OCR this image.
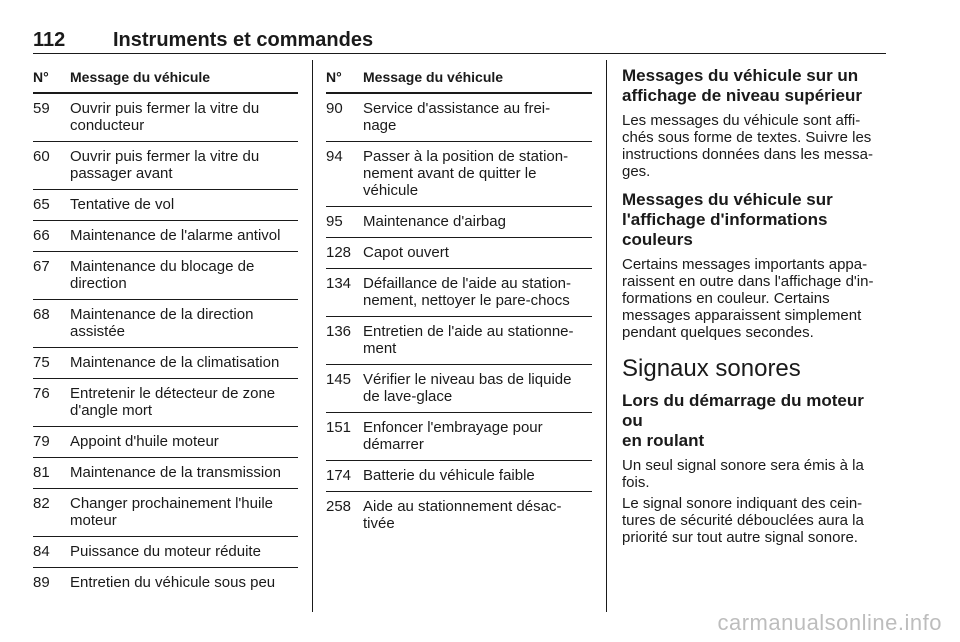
112 Instruments et commandes
N° Message du véhicule
59 Ouvrir puis fermer la vitre du
conducteur
60 Ouvrir puis fermer la vitre du
passager avant
65 Tentative de vol
66 Maintenance de l'alarme antivol
67 Maintenance du blocage de
direction
68 Maintenance de la direction
assistée
75 Maintenance de la climatisation
76 Entretenir le détecteur de zone
d'angle mort
79 Appoint d'huile moteur
81 Maintenance de la transmission
82 Changer prochainement l'huile
moteur
84 Puissance du moteur réduite
89 Entretien du véhicule sous peu
N° Message du véhicule
90 Service d'assistance au frei-
nage
94 Passer à la position de station-
nement avant de quitter le
véhicule
95 Maintenance d'airbag
128 Capot ouvert
134 Défaillance de l'aide au station-
nement, nettoyer le pare-chocs
136 Entretien de l'aide au stationne-
ment
145 Vérifier le niveau bas de liquide
de lave-glace
151 Enfoncer l'embrayage pour
démarrer
174 Batterie du véhicule faible
258 Aide au stationnement désac-
tivée
Messages du véhicule sur un
affichage de niveau supérieur
Les messages du véhicule sont affi-
chés sous forme de textes. Suivre les
instructions données dans les messa-
ges.
Messages du véhicule sur
l'affichage d'informations
couleurs
Certains messages importants appa-
raissent en outre dans l'affichage d'in-
formations en couleur. Certains
messages apparaissent simplement
pendant quelques secondes.
Signaux sonores
Lors du démarrage du moteur ou
en roulant
Un seul signal sonore sera émis à la
fois.
Le signal sonore indiquant des cein-
tures de sécurité débouclées aura la
priorité sur tout autre signal sonore.
carmanualsonline.info
